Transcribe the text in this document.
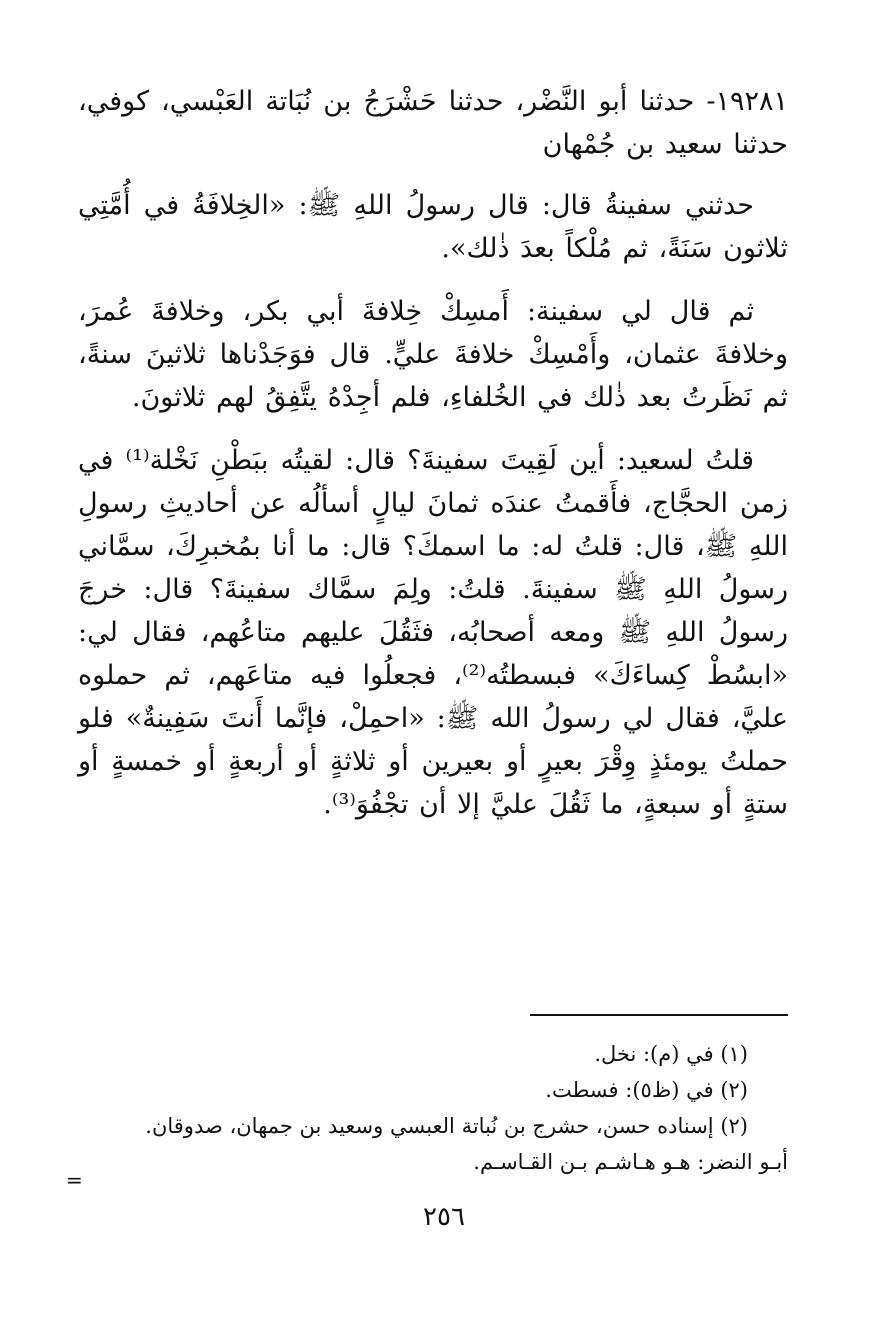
١٩٢٨١- حدثنا أبو النَّضْر، حدثنا حَشْرَجُ بن نُبَاتة العَبْسي، كوفي، حدثنا سعيد بن جُمْهان

حدثني سفينةُ قال: قال رسولُ اللهِ ﷺ: «الخِلافَةُ في أُمَّتِي ثلاثون سَنَةً، ثم مُلْكاً بعدَ ذٰلك».

ثم قال لي سفينة: أَمسِكْ خِلافةَ أبي بكر، وخلافةَ عُمرَ، وخلافةَ عثمان، وأَمْسِكْ خلافةَ عليٍّ. قال فوَجَدْناها ثلاثينَ سنةً، ثم نَظَرتُ بعد ذٰلك في الخُلفاءِ، فلم أجِدْهُ يتَّفِقُ لهم ثلاثونَ.

قلتُ لسعيد: أين لَقِيتَ سفينةَ؟ قال: لقيتُه ببَطْنِ نَخْلة⁽¹⁾ في زمن الحجَّاج، فأَقمتُ عندَه ثمانَ ليالٍ أسألُه عن أحاديثِ رسولِ اللهِ ﷺ، قال: قلتُ له: ما اسمكَ؟ قال: ما أنا بمُخبرِكَ، سمَّاني رسولُ اللهِ ﷺ سفينةَ. قلتُ: ولِمَ سمَّاك سفينةَ؟ قال: خرجَ رسولُ اللهِ ﷺ ومعه أصحابُه، فثَقُلَ عليهم متاعُهم، فقال لي: «ابسُطْ كِساءَكَ» فبسطتُه⁽²⁾، فجعلُوا فيه متاعَهم، ثم حملوه عليَّ، فقال لي رسولُ الله ﷺ: «احمِلْ، فإنَّما أَنتَ سَفِينةٌ» فلو حملتُ يومئذٍ وِقْرَ بعيرٍ أو بعيرين أو ثلاثةٍ أو أربعةٍ أو خمسةٍ أو ستةٍ أو سبعةٍ، ما ثَقُلَ عليَّ إلا أن تجْفُوَ⁽³⁾.

(١) في (م): نخل.

(٢) في (ظ٥): فسطت.

(٢) إسناده حسن، حشرج بن نُباتة العبسي وسعيد بن جمهان، صدوقان.

أبـو النضر: هـو هـاشـم بـن القـاسـم.

=
٢٥٦
